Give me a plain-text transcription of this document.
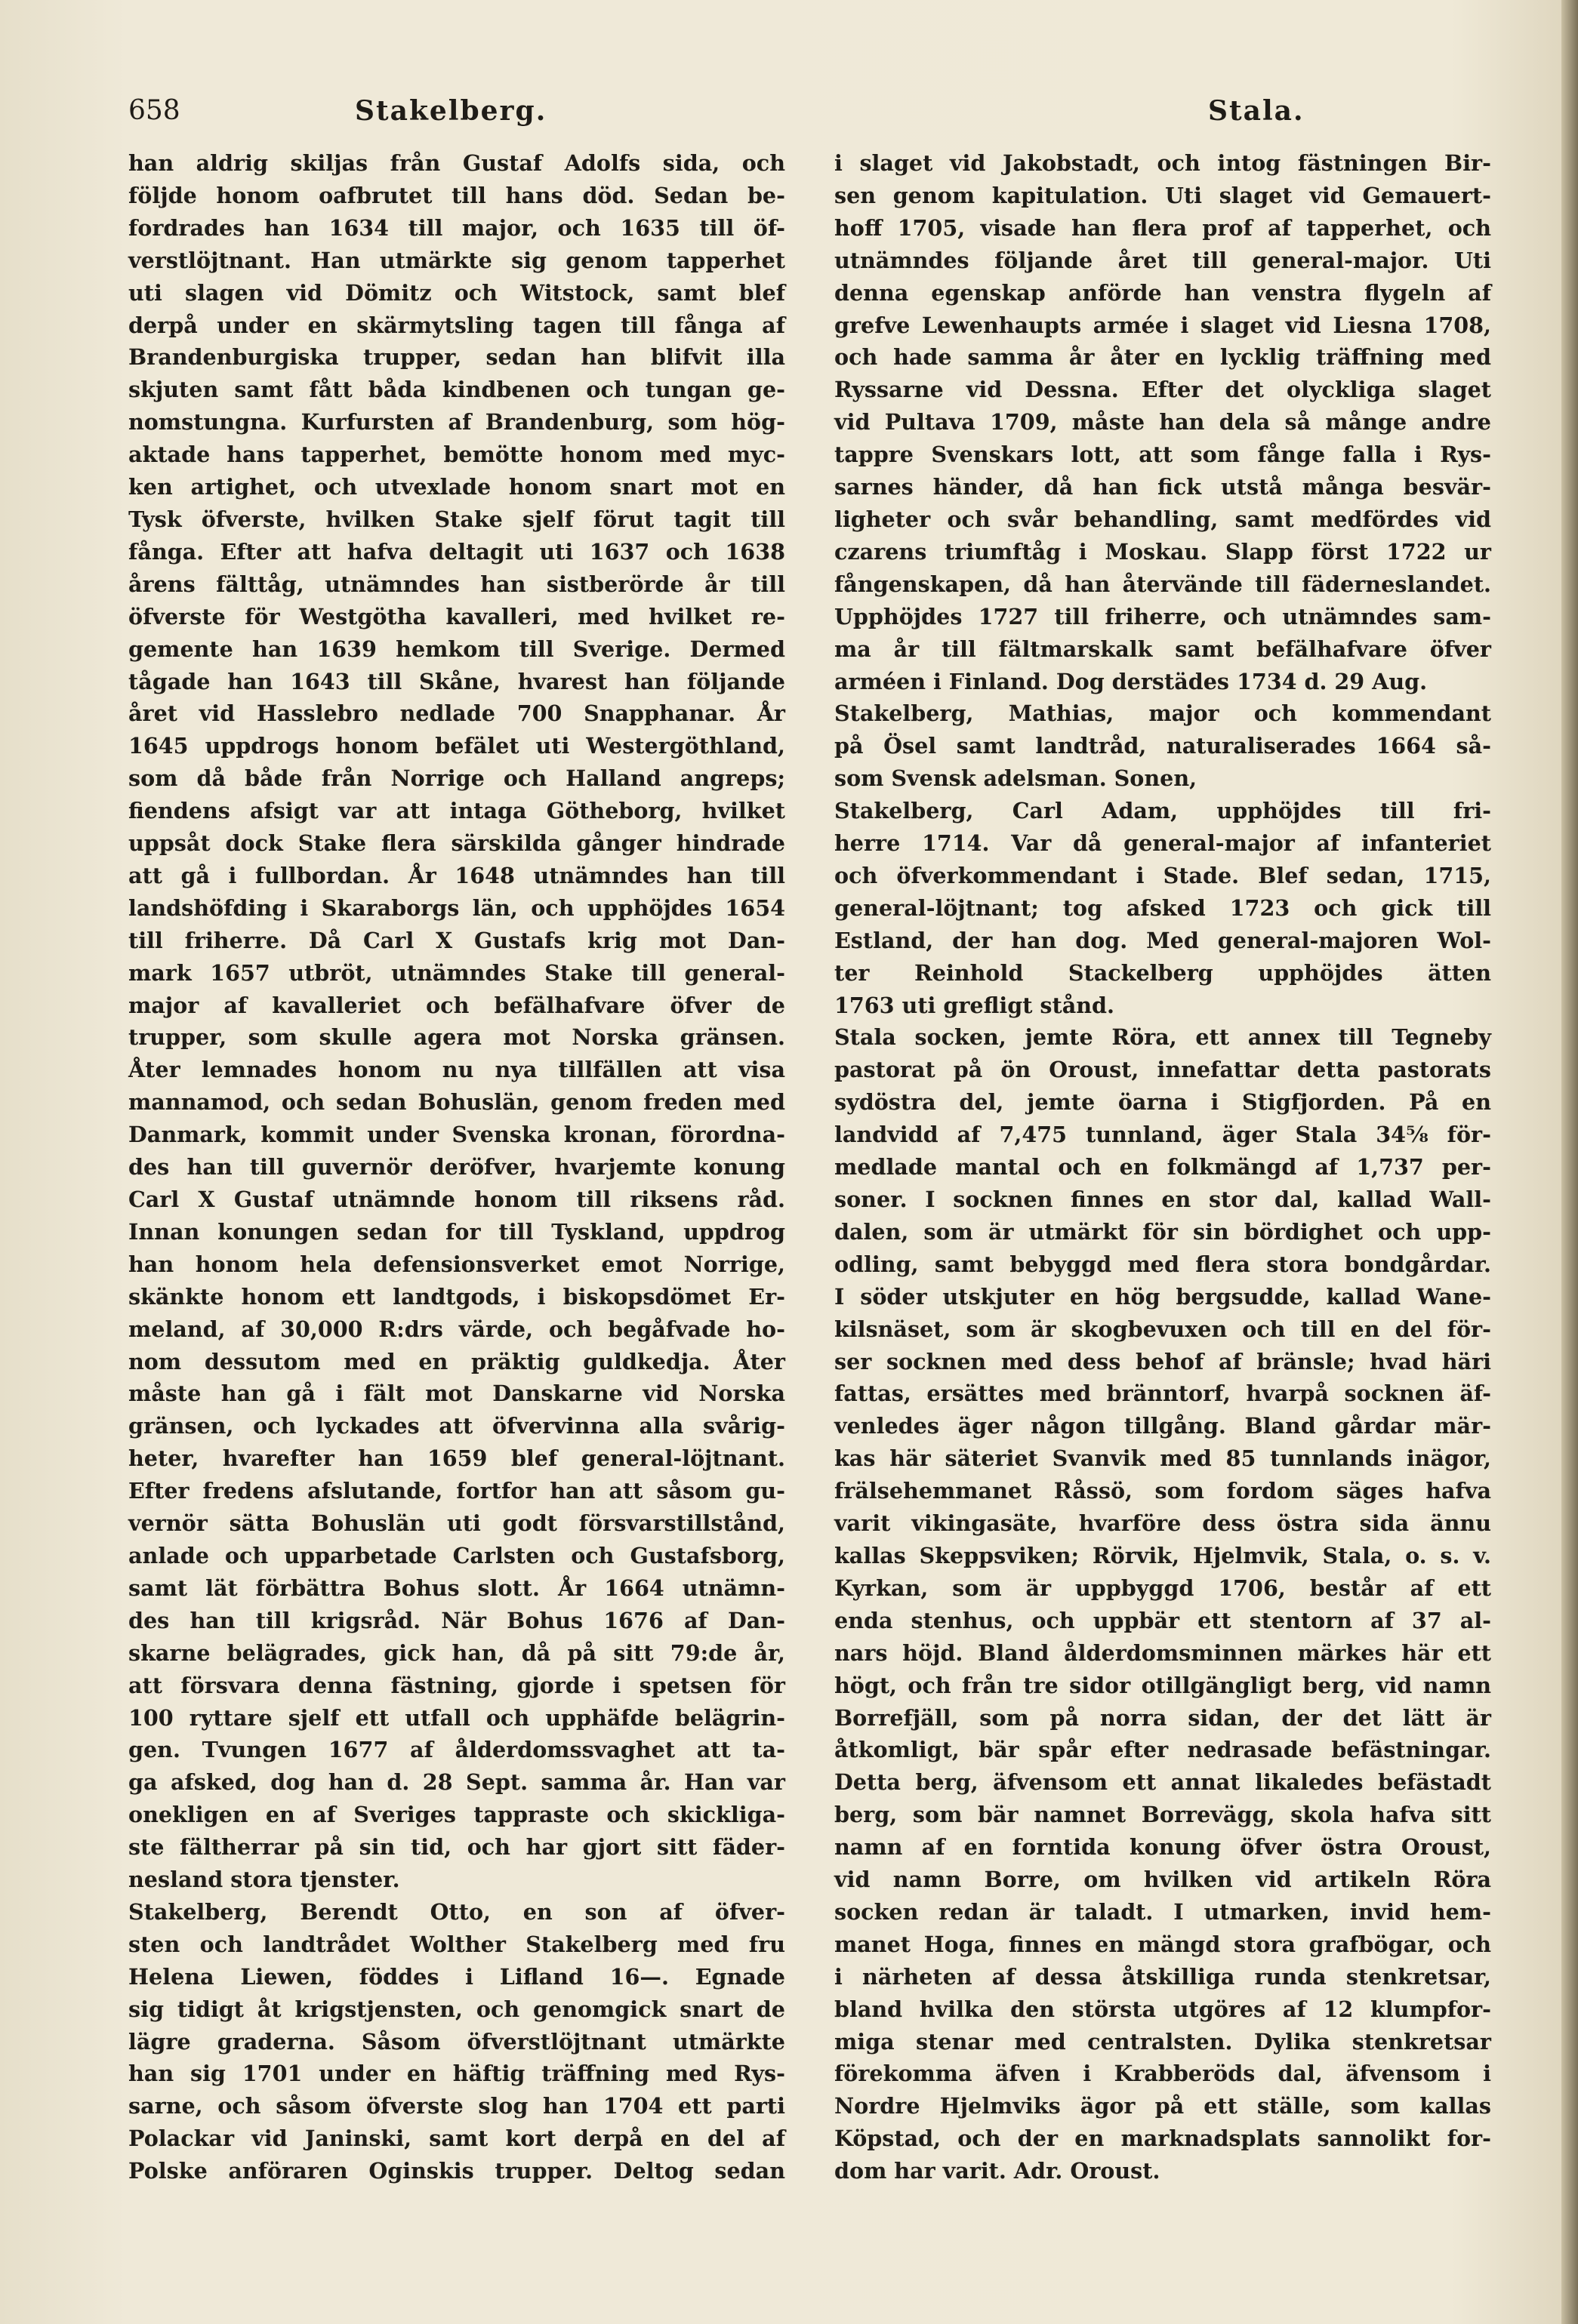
658	Stakelberg.	Stala.

han aldrig skiljas från Gustaf Adolfs sida, och

följde honom oafbrutet till hans död. Sedan be-

fordrades han 1634 till major, och 1635 till öf-

verstlöjtnant. Han utmärkte sig genom tapperhet

uti slagen vid Dömitz och Witstock, samt blef

derpå under en skärmytsling tagen till fånga af

Brandenburgiska trupper, sedan han blifvit illa

skjuten samt fått båda kindbenen och tungan ge-

nomstungna. Kurfursten af Brandenburg, som hög-

aktade hans tapperhet, bemötte honom med myc-

ken artighet, och utvexlade honom snart mot en

Tysk öfverste, hvilken Stake sjelf förut tagit till

fånga. Efter att hafva deltagit uti 1637 och 1638

årens fälttåg, utnämndes han sistberörde år till

öfverste för Westgötha kavalleri, med hvilket re-

gemente han 1639 hemkom till Sverige. Dermed

tågade han 1643 till Skåne, hvarest han följande

året vid Hasslebro nedlade 700 Snapphanar. År

1645 uppdrogs honom befälet uti Westergöthland,

som då både från Norrige och Halland angreps;

fiendens afsigt var att intaga Götheborg, hvilket

uppsåt dock Stake flera särskilda gånger hindrade

att gå i fullbordan. År 1648 utnämndes han till

landshöfding i Skaraborgs län, och upphöjdes 1654

till friherre. Då Carl X Gustafs krig mot Dan-

mark 1657 utbröt, utnämndes Stake till general-

major af kavalleriet och befälhafvare öfver de

trupper, som skulle agera mot Norska gränsen.

Åter lemnades honom nu nya tillfällen att visa

mannamod, och sedan Bohuslän, genom freden med

Danmark, kommit under Svenska kronan, förordna-

des han till guvernör deröfver, hvarjemte konung

Carl X Gustaf utnämnde honom till riksens råd.

Innan konungen sedan for till Tyskland, uppdrog

han honom hela defensionsverket emot Norrige,

skänkte honom ett landtgods, i biskopsdömet Er-

meland, af 30,000 R:drs värde, och begåfvade ho-

nom dessutom med en präktig guldkedja. Åter

måste han gå i fält mot Danskarne vid Norska

gränsen, och lyckades att öfvervinna alla svårig-

heter, hvarefter han 1659 blef general-löjtnant.

Efter fredens afslutande, fortfor han att såsom gu-

vernör sätta Bohuslän uti godt försvarstillstånd,

anlade och upparbetade Carlsten och Gustafsborg,

samt lät förbättra Bohus slott. År 1664 utnämn-

des han till krigsråd. När Bohus 1676 af Dan-

skarne belägrades, gick han, då på sitt 79:de år,

att försvara denna fästning, gjorde i spetsen för

100 ryttare sjelf ett utfall och upphäfde belägrin-

gen. Tvungen 1677 af ålderdomssvaghet att ta-

ga afsked, dog han d. 28 Sept. samma år. Han var

onekligen en af Sveriges tappraste och skickliga-

ste fältherrar på sin tid, och har gjort sitt fäder-

nesland stora tjenster.

Stakelberg, Berendt Otto, en son af öfver-

sten och landtrådet Wolther Stakelberg med fru

Helena Liewen, föddes i Lifland 16—. Egnade

sig tidigt åt krigstjensten, och genomgick snart de

lägre graderna. Såsom öfverstlöjtnant utmärkte

han sig 1701 under en häftig träffning med Rys-

sarne, och såsom öfverste slog han 1704 ett parti

Polackar vid Janinski, samt kort derpå en del af

Polske anföraren Oginskis trupper. Deltog sedan

i slaget vid Jakobstadt, och intog fästningen Bir-

sen genom kapitulation. Uti slaget vid Gemauert-

hoff 1705, visade han flera prof af tapperhet, och

utnämndes följande året till general-major. Uti

denna egenskap anförde han venstra flygeln af

grefve Lewenhaupts armée i slaget vid Liesna 1708,

och hade samma år åter en lycklig träffning med

Ryssarne vid Dessna. Efter det olyckliga slaget

vid Pultava 1709, måste han dela så månge andre

tappre Svenskars lott, att som fånge falla i Rys-

sarnes händer, då han fick utstå många besvär-

ligheter och svår behandling, samt medfördes vid

czarens triumftåg i Moskau. Slapp först 1722 ur

fångenskapen, då han återvände till fäderneslandet.

Upphöjdes 1727 till friherre, och utnämndes sam-

ma år till fältmarskalk samt befälhafvare öfver

arméen i Finland. Dog derstädes 1734 d. 29 Aug.

Stakelberg, Mathias, major och kommendant

på Ösel samt landtråd, naturaliserades 1664 så-

som Svensk adelsman. Sonen,

Stakelberg, Carl Adam, upphöjdes till fri-

herre 1714. Var då general-major af infanteriet

och öfverkommendant i Stade. Blef sedan, 1715,

general-löjtnant; tog afsked 1723 och gick till

Estland, der han dog. Med general-majoren Wol-

ter Reinhold Stackelberg upphöjdes ätten

1763 uti grefligt stånd.

Stala socken, jemte Röra, ett annex till Tegneby

pastorat på ön Oroust, innefattar detta pastorats

sydöstra del, jemte öarna i Stigfjorden. På en

landvidd af 7,475 tunnland, äger Stala 34⅝ för-

medlade mantal och en folkmängd af 1,737 per-

soner. I socknen finnes en stor dal, kallad Wall-

dalen, som är utmärkt för sin bördighet och upp-

odling, samt bebyggd med flera stora bondgårdar.

I söder utskjuter en hög bergsudde, kallad Wane-

kilsnäset, som är skogbevuxen och till en del för-

ser socknen med dess behof af bränsle; hvad häri

fattas, ersättes med bränntorf, hvarpå socknen äf-

venledes äger någon tillgång. Bland gårdar mär-

kas här säteriet Svanvik med 85 tunnlands inägor,

frälsehemmanet Råssö, som fordom säges hafva

varit vikingasäte, hvarföre dess östra sida ännu

kallas Skeppsviken; Rörvik, Hjelmvik, Stala, o. s. v.

Kyrkan, som är uppbyggd 1706, består af ett

enda stenhus, och uppbär ett stentorn af 37 al-

nars höjd. Bland ålderdomsminnen märkes här ett

högt, och från tre sidor otillgängligt berg, vid namn

Borrefjäll, som på norra sidan, der det lätt är

åtkomligt, bär spår efter nedrasade befästningar.

Detta berg, äfvensom ett annat likaledes befästadt

berg, som bär namnet Borrevägg, skola hafva sitt

namn af en forntida konung öfver östra Oroust,

vid namn Borre, om hvilken vid artikeln Röra

socken redan är taladt. I utmarken, invid hem-

manet Hoga, finnes en mängd stora grafbögar, och

i närheten af dessa åtskilliga runda stenkretsar,

bland hvilka den största utgöres af 12 klumpfor-

miga stenar med centralsten. Dylika stenkretsar

förekomma äfven i Krabberöds dal, äfvensom i

Nordre Hjelmviks ägor på ett ställe, som kallas

Köpstad, och der en marknadsplats sannolikt for-

dom har varit. Adr. Oroust.
